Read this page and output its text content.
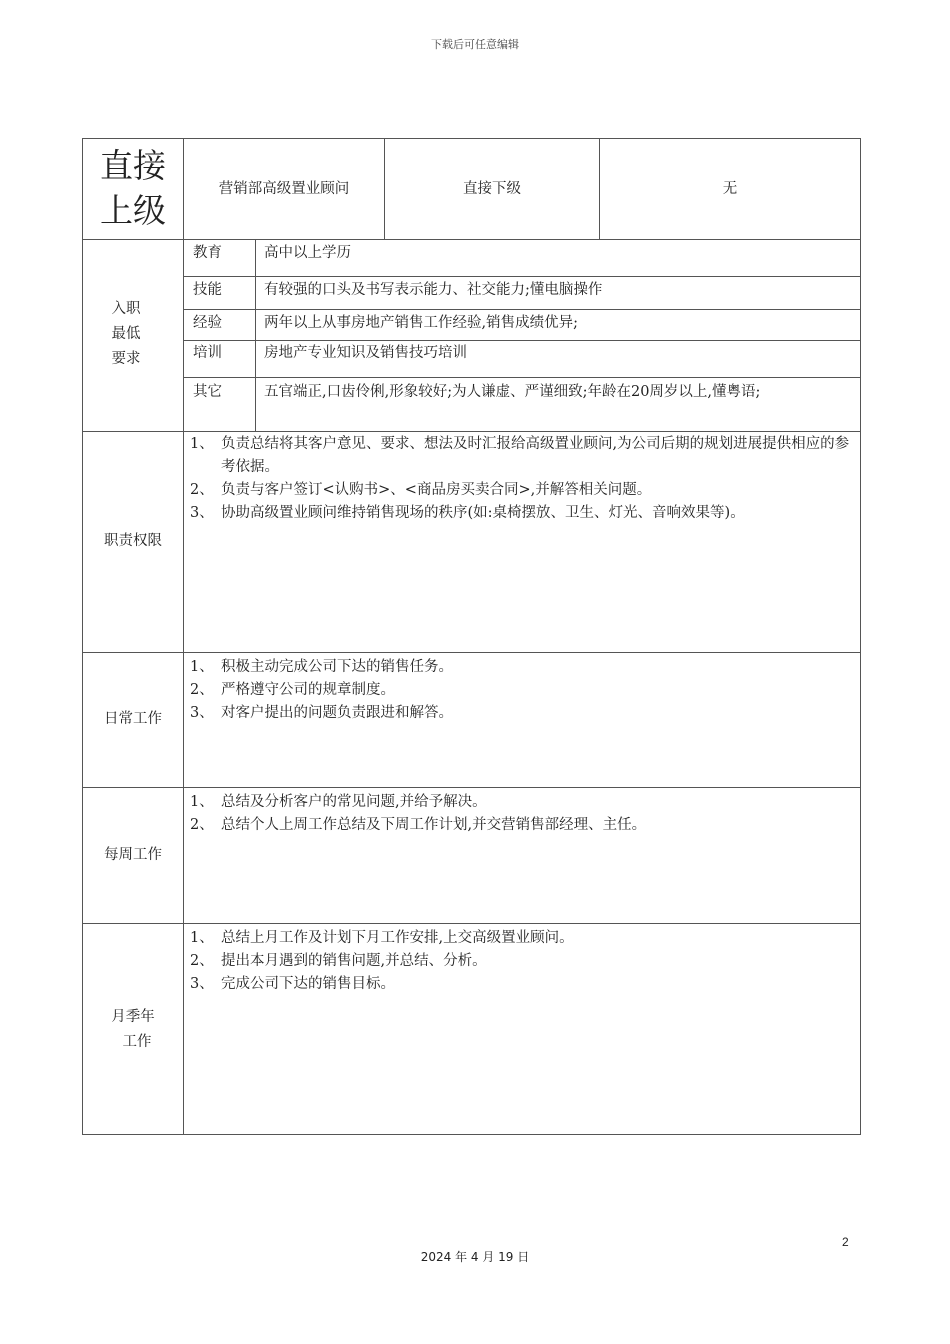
下载后可任意编辑
直接
上级
营销部高级置业顾问	直接下级	无
入职
最低
要求
教育	高中以上学历
技能	有较强的口头及书写表示能力、社交能力;懂电脑操作
经验	两年以上从事房地产销售工作经验,销售成绩优异;
培训	房地产专业知识及销售技巧培训
其它	五官端正,口齿伶俐,形象较好;为人谦虚、严谨细致;年龄在20周岁以上,懂粤语;
职责权限
1、 负责总结将其客户意见、要求、想法及时汇报给高级置业顾问,为公司后期的规划进展提供相应的参考依据。
2、 负责与客户签订<认购书>、<商品房买卖合同>,并解答相关问题。
3、 协助高级置业顾问维持销售现场的秩序(如:桌椅摆放、卫生、灯光、音响效果等)。
日常工作
1、 积极主动完成公司下达的销售任务。
2、 严格遵守公司的规章制度。
3、 对客户提出的问题负责跟进和解答。
每周工作
1、 总结及分析客户的常见问题,并给予解决。
2、 总结个人上周工作总结及下周工作计划,并交营销售部经理、主任。
月季年
工作
1、 总结上月工作及计划下月工作安排,上交高级置业顾问。
2、 提出本月遇到的销售问题,并总结、分析。
3、 完成公司下达的销售目标。
2
2024 年 4 月 19 日
